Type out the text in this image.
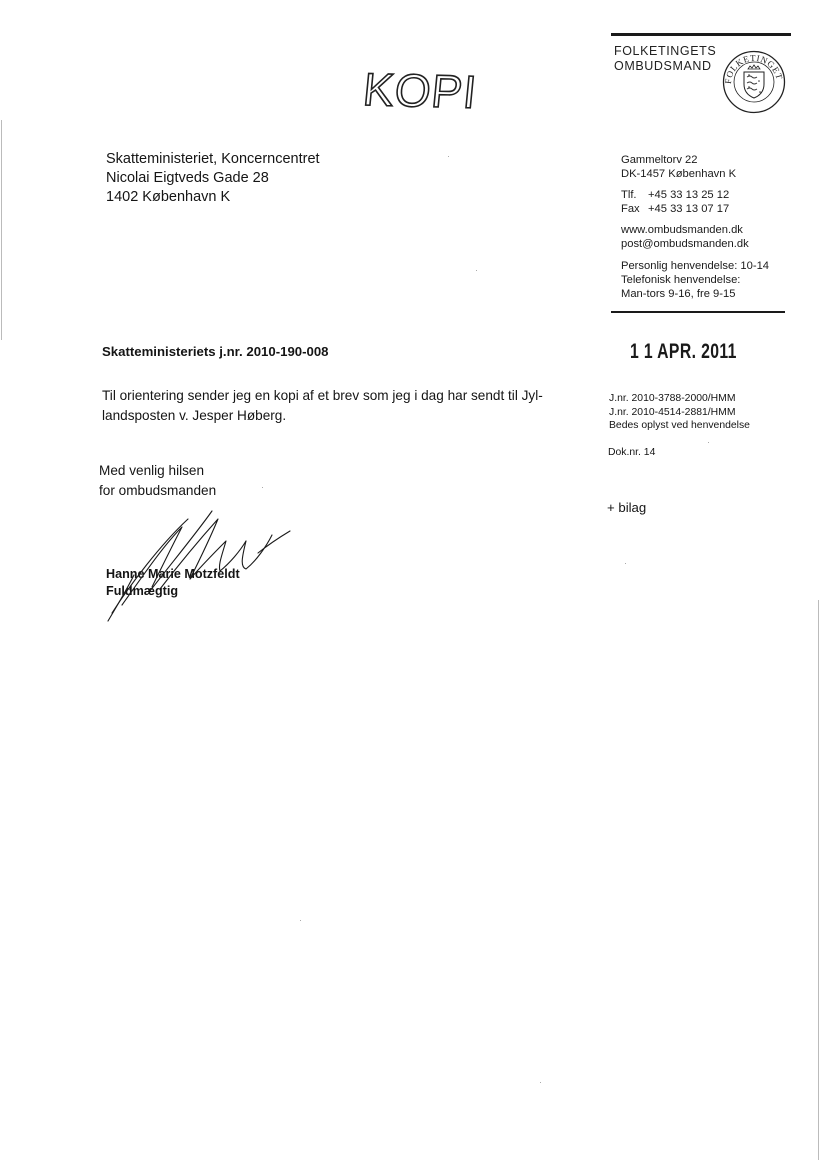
KOPI
FOLKETINGETS
OMBUDSMAND
FOLKETINGET
Skatteministeriet, Koncerncentret
Nicolai Eigtveds Gade 28
1402 København K
Gammeltorv 22
DK-1457 København K
Tlf. +45 33 13 25 12
Fax +45 33 13 07 17
www.ombudsmanden.dk
post@ombudsmanden.dk
Personlig henvendelse: 10-14
Telefonisk henvendelse:
Man-tors 9-16, fre 9-15
1 1 APR. 2011
Skatteministeriets j.nr. 2010-190-008
Til orientering sender jeg en kopi af et brev som jeg i dag har sendt til Jyl-
landsposten v. Jesper Høberg.
J.nr. 2010-3788-2000/HMM
J.nr. 2010-4514-2881/HMM
Bedes oplyst ved henvendelse
Dok.nr. 14
Med venlig hilsen
for ombudsmanden
+ bilag
Hanne Marie Motzfeldt
Fuldmægtig
